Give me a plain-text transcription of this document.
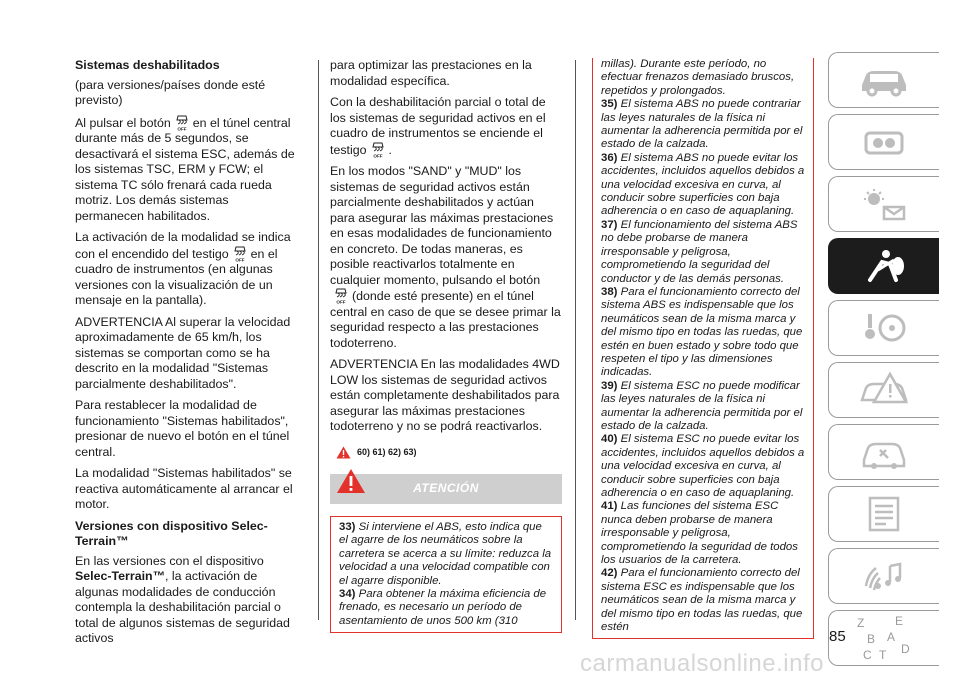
Sistemas deshabilitados

(para versiones/países donde esté previsto)

Al pulsar el botón en el túnel central durante más de 5 segundos, se desactivará el sistema ESC, además de los sistemas TSC, ERM y FCW; el sistema TC sólo frenará cada rueda motriz. Los demás sistemas permanecen habilitados.

La activación de la modalidad se indica con el encendido del testigo en el cuadro de instrumentos (en algunas versiones con la visualización de un mensaje en la pantalla).

ADVERTENCIA Al superar la velocidad aproximadamente de 65 km/h, los sistemas se comportan como se ha descrito en la modalidad "Sistemas parcialmente deshabilitados".

Para restablecer la modalidad de funcionamiento "Sistemas habilitados", presionar de nuevo el botón en el túnel central.

La modalidad "Sistemas habilitados" se reactiva automáticamente al arrancar el motor.

Versiones con dispositivo Selec-Terrain™

En las versiones con el dispositivo Selec-Terrain™, la activación de algunas modalidades de conducción contempla la deshabilitación parcial o total de algunos sistemas de seguridad activos

para optimizar las prestaciones en la modalidad específica.

Con la deshabilitación parcial o total de los sistemas de seguridad activos en el cuadro de instrumentos se enciende el testigo .

En los modos "SAND" y "MUD" los sistemas de seguridad activos están parcialmente deshabilitados y actúan para asegurar las máximas prestaciones en esas modalidades de funcionamiento en concreto. De todas maneras, es posible reactivarlos totalmente en cualquier momento, pulsando el botón
(donde esté presente) en el túnel central en caso de que se desee primar la seguridad respecto a las prestaciones todoterreno.

ADVERTENCIA En las modalidades 4WD LOW los sistemas de seguridad activos están completamente deshabilitados para asegurar las máximas prestaciones todoterreno y no se podrá reactivarlos.

60) 61) 62) 63)
ATENCIÓN

33) Si interviene el ABS, esto indica que el agarre de los neumáticos sobre la carretera se acerca a su límite: reduzca la velocidad a una velocidad compatible con el agarre disponible.

34) Para obtener la máxima eficiencia de frenado, es necesario un período de asentamiento de unos 500 km (310

millas). Durante este período, no efectuar frenazos demasiado bruscos, repetidos y prolongados.

35) El sistema ABS no puede contrariar las leyes naturales de la física ni aumentar la adherencia permitida por el estado de la calzada.

36) El sistema ABS no puede evitar los accidentes, incluidos aquellos debidos a una velocidad excesiva en curva, al conducir sobre superficies con baja adherencia o en caso de aquaplaning.

37) El funcionamiento del sistema ABS no debe probarse de manera irresponsable y peligrosa, comprometiendo la seguridad del conductor y de las demás personas.

38) Para el funcionamiento correcto del sistema ABS es indispensable que los neumáticos sean de la misma marca y del mismo tipo en todas las ruedas, que estén en buen estado y sobre todo que respeten el tipo y las dimensiones indicadas.

39) El sistema ESC no puede modificar las leyes naturales de la física ni aumentar la adherencia permitida por el estado de la calzada.

40) El sistema ESC no puede evitar los accidentes, incluidos aquellos debidos a una velocidad excesiva en curva, al conducir sobre superficies con baja adherencia o en caso de aquaplaning.

41) Las funciones del sistema ESC nunca deben probarse de manera irresponsable y peligrosa, comprometiendo la seguridad de todos los usuarios de la carretera.

42) Para el funcionamiento correcto del sistema ESC es indispensable que los neumáticos sean de la misma marca y del mismo tipo en todas las ruedas, que estén	Z	E
B A
C T D
85
carmanualsonline.info
